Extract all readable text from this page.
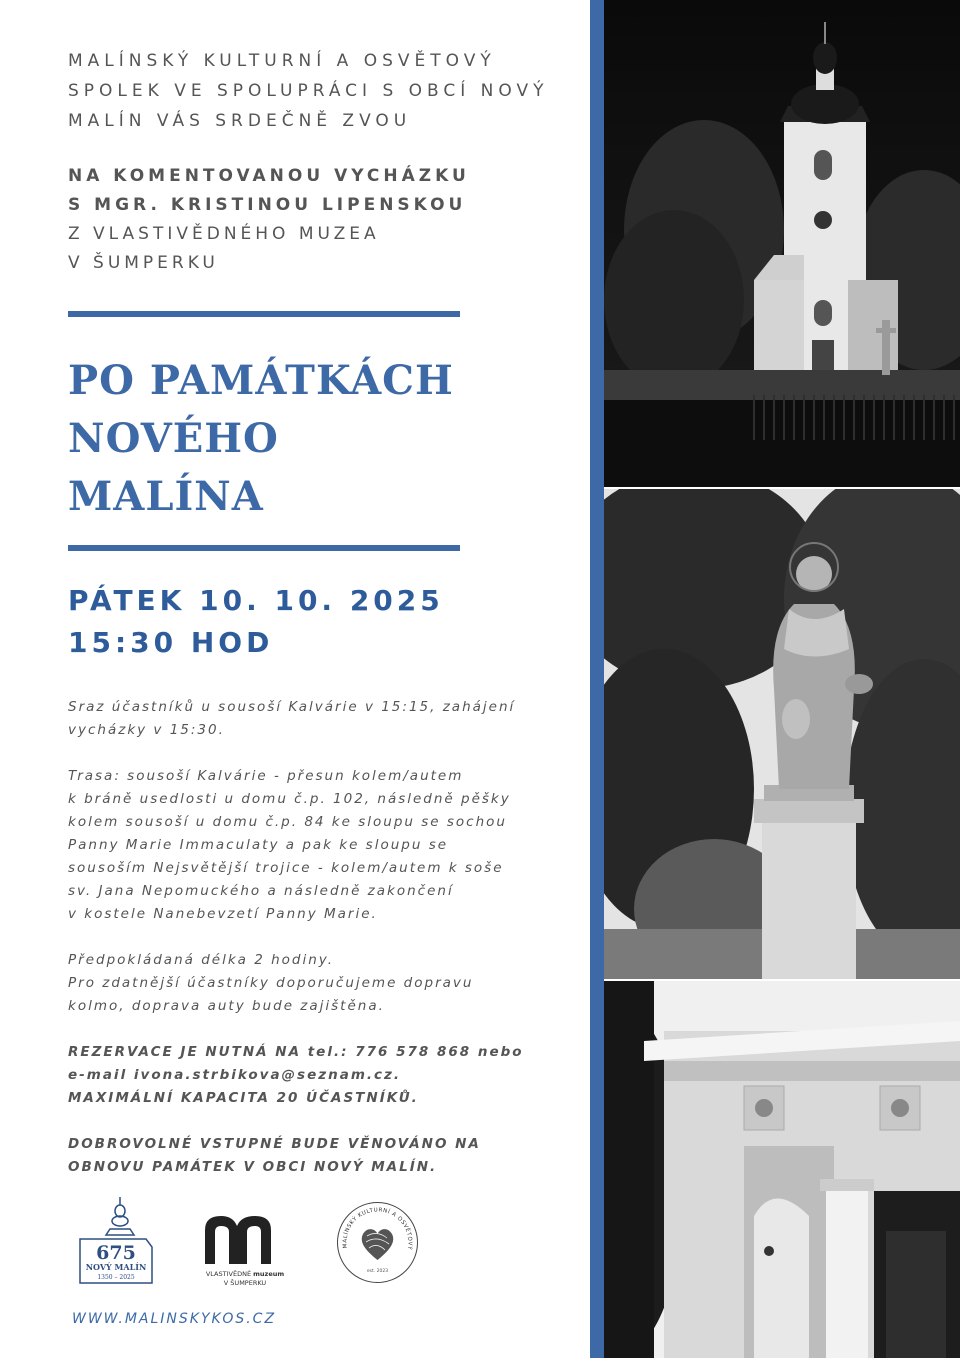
MALÍNSKÝ KULTURNÍ A OSVĚTOVÝ
SPOLEK VE SPOLUPRÁCI S OBCÍ NOVÝ
MALÍN VÁS SRDEČNĚ ZVOU
NA KOMENTOVANOU VYCHÁZKU
S MGR. KRISTINOU LIPENSKOU
Z VLASTIVĚDNÉHO MUZEA
V ŠUMPERKU
PO PAMÁTKÁCH
NOVÉHO
MALÍNA
PÁTEK 10. 10. 2025
15:30 HOD

Sraz účastníků u sousoší Kalvárie v 15:15, zahájení vycházky v 15:30.

Trasa: sousoší Kalvárie - přesun kolem/autem
k bráně usedlosti u domu č.p. 102, následně pěšky
kolem sousoší u domu č.p. 84 ke sloupu se sochou
Panny Marie Immaculaty a pak ke sloupu se
sousoším Nejsvětější trojice - kolem/autem k soše
sv. Jana Nepomuckého a následně zakončení
v kostele Nanebevzetí Panny Marie.

Předpokládaná délka 2 hodiny.
Pro zdatnější účastníky doporučujeme dopravu
kolmo, doprava auty bude zajištěna.

REZERVACE JE NUTNÁ NA tel.: 776 578 868 nebo
e-mail ivona.strbikova@seznam.cz.
MAXIMÁLNÍ KAPACITA 20 ÚČASTNÍKŮ.

DOBROVOLNÉ VSTUPNÉ BUDE VĚNOVÁNO NA
OBNOVU PAMÁTEK V OBCI NOVÝ MALÍN.

675
NOVÝ MALÍN
1350 – 2025	VLASTIVĚDNÉ muzeum
V ŠUMPERKU
MALÍNSKÝ KULTURNÍ A OSVĚTOVÝ
est. 2023
WWW.MALINSKYKOS.CZ
